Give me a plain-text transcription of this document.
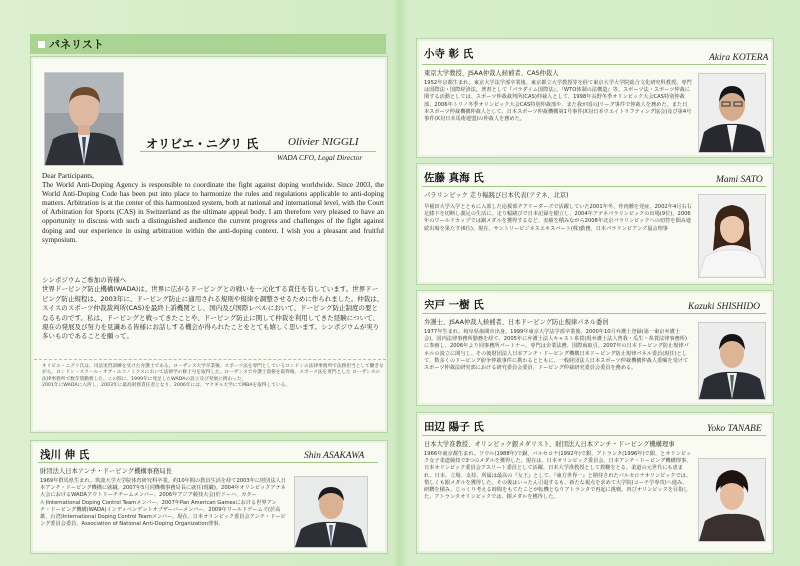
パネリスト
オリビエ・ニグリ 氏	Olivier NIGGLI
WADA CFO, Legal Director

Dear Participants,

The World Anti-Doping Agency is responsible to coordinate the fight against doping worldwide. Since 2003, the World Anti-Doping Code has been put into place to harmonize the rules and regulations applicable to anti-doping matters. Arbitration is at the center of this harmonized system, both at national and international level, with the Court of Arbitration for Sports (CAS) in Switzerland as the ultimate appeal body. I am therefore very pleased to have an opportunity to discuss with such a distinguished audience the current progress and challenges of the fight against doping and our experience in using arbitration within the anti-doping context. I wish you a pleasant and fruitful symposium.

シンポジウムご参加の皆様へ

世界ドーピング防止機構(WADA)は、世界に広がるドーピングとの戦いを一元化する責任を有しています。世界ドーピング防止規程は、2003年に、ドーピング防止に適用される規則や規律を調整させるために作られました。仲裁は、スイスのスポーツ仲裁裁判所(CAS)を最終上訴機関とし、国内及び国際レベルにおいて、ドーピング防止制度の要となるものです。私は、ドーピングと戦ってきたことや、ドーピング防止に関して仲裁を利用してきた経験について、現在の発展及び努力を見識ある皆様にお話しする機会が得られたことをとても嬉しく思います。シンポジウムが実り多いものであることを願って。

オリビエ・ニグリ氏は、司法実習訓練を受けた弁護士である。ローザンヌ大学卒業後、スポーツ法を専門としているロンドンの法律事務所で法務担当として働きながら、ロンドン・スクール・オブ・エコノミクスにおいて法律学の修士号を取得した。ローザンヌで弁護士資格を取得後、スポーツ法を専門とした ローザンヌの法律事務所で数年間勤務した。この間に、1999年に発足したWADAの設立及び発展に携わった。

2001年にWADAに入所し、2003年に最高財務責任者となり、2006年には、マクギル大学にてMBAを取得している。

浅川 伸 氏	Shin ASAKAWA
財団法人日本アンチ・ドーピング機構事務局長
1969年群馬県生まれ。筑波大学大学院体育研究科卒業。約10年間の教員生活を経て2003年に財団法人日本アンチ・ドーピング機構に就職。2007年5月同機構事務局長に就任(現職)。2004年オリンピックアテネ大会におけるWADAアウトリーチチームメンバー、2006年アジア競技大会(於ドーハ、カタール)International Doping Control Teamメンバー、2007年Pan American Gamesにおける世界アンチ・ドーピング機構(WADA)インディペンデントオブザーバーメンバー、2009年ワールドゲームズ(於高雄、台湾)International Doping Control Teamメンバー。現在、日本オリンピック委員会アンチ・ドーピング委員会委員、Association of National Anti-Doping Organization理事。
小寺 彰 氏	Akira KOTERA
東京大学教授、JSAA仲裁人候補者、CAS仲裁人
1952年京都生まれ。東京大学法学部卒業後、東京都立大学教授等を経て東京大学大学院総合文化研究科教授。専門は国際法・国際経済法。著書として『パラダイム国際法』、『WTO体制の法構造』等。スポーツ法・スポーツ仲裁に関する活動としては、スポーツ仲裁裁判所(CAS)仲裁人として、1998年長野冬季オリンピック大会CAS特別仲裁部、2006年トリノ冬季オリンピック大会CAS特別仲裁部や、また我が国のJリーグ事件で仲裁人を務めた。また日本スポーツ仲裁機構仲裁人として、日本スポーツ仲裁機構第1号事件(Ⅹ対日本ウエイトリフティング協会)及び第4号事件(Ⅹ対日本馬術連盟)の仲裁人を務めた。
佐藤 真海 氏	Mami SATO
パラリンピック 走り幅跳び日本代表(アテネ、北京)
早稲田大学入学とともに入部した応援部チアリーダーズで活躍していた2001年冬、骨肉腫を発症。2002年4月右右足膝下を切断し義足の生活に。走り幅跳びで日本記録を樹立し、2004年アテネパラリンピックの出場(9位)。2006年のワールドカップでは銅メダルを獲得するなど、実績を積みながら2008年北京パラリンピックへの切符を掴み連続出場を果たす(6位)。現在、サントリーピジネスエキスパート(株)勤務、日本パラリンピアンズ協会理事
宍戸 一樹 氏	Kazuki SHISHIDO
弁護士、JSAA仲裁人候補者、日本ドーピング防止規律パネル委員
1977年生まれ。岐阜県歯間市出身。1999年東京大学法学部卒業後、2000年10月弁護士登録(第一東京弁護士会)。国内法律事務所勤務を経て、2005年に弁護士法人キャスト糸賀(現弁護士法人曾我・瓜生・糸賀法律事務所)に参画し、2006年より同事務所パートナー。専門は企業法務、国際商取引。2007年の日本ドーピング防止規律パネルの設立に関与し、その後財団法人日本アンチ・ドーピング機構日本ドーピング防止規律パネル委員(現任)として、数多くのドーピング紛争仲裁事件に携わるとともに、一般財団法人日本スポーツ仲裁機構仲裁人委嘱を受けてスポーツ仲裁法研究部における研究委員会委員、ドーピング仲裁研究委員会委員を務める。
田辺 陽子 氏	Yoko TANABE
日本大学准教授、オリンピック銀メダリスト、財団法人日本アンチ・ドーピング機構理事
1966年東京都生まれ。ソウル(1988年)で銅、バルセロナ(1992年)で銀、アトランタ(1996年)で銀、とオリンピック女子柔道競技で3つのメダルを獲得した。現在は、日本オリンピック委員会、日本アンチ・ドーピング機構理事、日本オリンピック委員会アスリート委員として活躍。日本大学准教授として教鞭をとる。柔道の元世代にも恵まれ、日本、立場、支持、所属は最高の『女王』として、『東方世界一』と期待されたバルセロナオリンピックでは、惜しくも銀メダルを獲得した。その後はいったん引退するも、新たな視点を求めて大学院(コーチ学専攻)へ進み、研鑽を積み、じっくり考える時間をもてたことが転機となりアトランタで再起に挑戦。再びオリンピックを目指した。アトランタオリンピックでは、銀メダルを獲得した。
